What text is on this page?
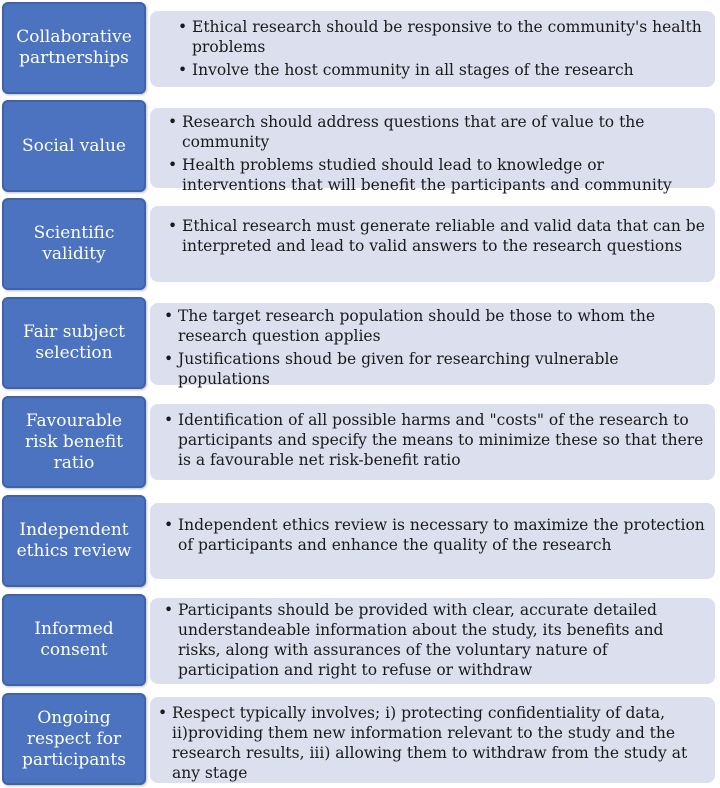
• Ethical research should be responsive to the community's health problems
• Involve the host community in all stages of the research
Collaborative partnerships
• Research should address questions that are of value to the community
• Health problems studied should lead to knowledge or interventions that will benefit the participants and community
Social value
• Ethical research must generate reliable and valid data that can be interpreted and lead to valid answers to the research questions
Scientific validity
• The target research population should be those to whom the research question applies
• Justifications shoud be given for researching vulnerable populations
Fair subject selection
• Identification of all possible harms and "costs" of the research to participants and specify the means to minimize these so that there is a favourable net risk-benefit ratio
Favourable risk benefit ratio
• Independent ethics review is necessary to maximize the protection of participants and enhance the quality of the research
Independent ethics review
• Participants should be provided with clear, accurate detailed understandeable information about the study, its benefits and risks, along with assurances of the voluntary nature of participation and right to refuse or withdraw
Informed consent
• Respect typically involves; i) protecting confidentiality of data, ii)providing them new information relevant to the study and the research results, iii) allowing them to withdraw from the study at any stage
Ongoing respect for participants
